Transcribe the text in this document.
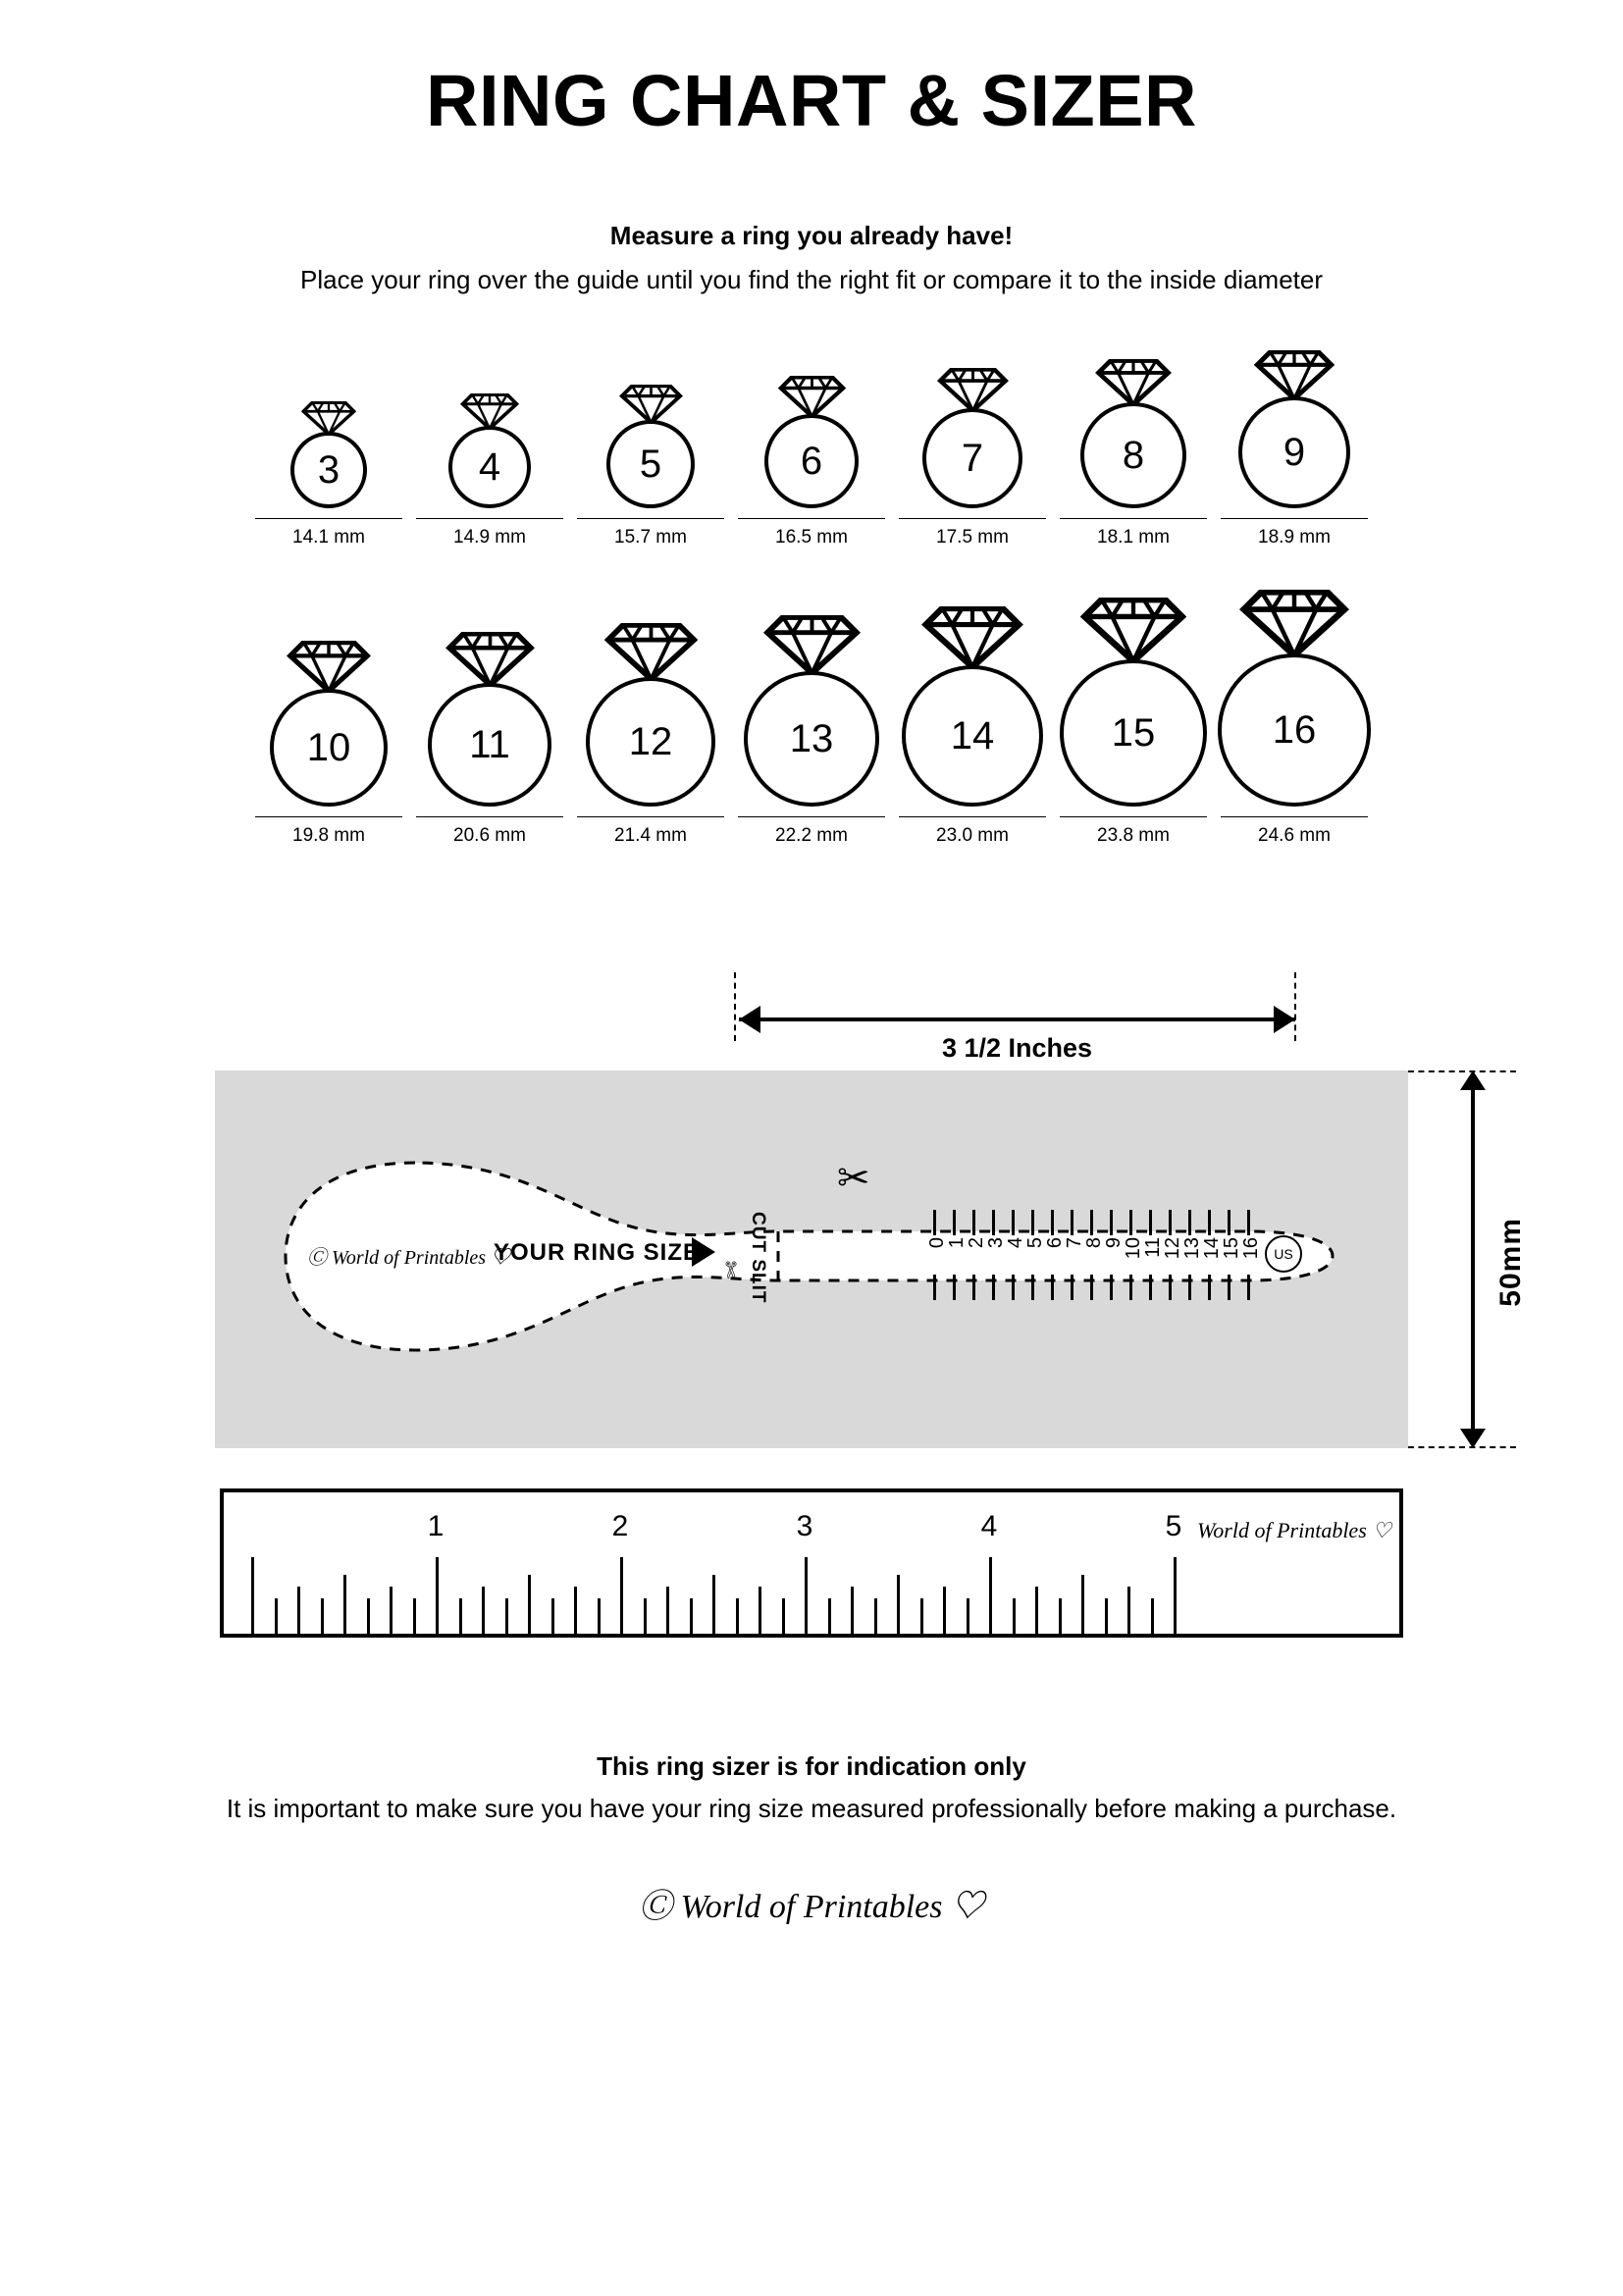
RING CHART & SIZER
Measure a ring you already have!
Place your ring over the guide until you find the right fit or compare it to the inside diameter
3
14.1 mm
4
14.9 mm
5
15.7 mm
6
16.5 mm
7
17.5 mm
8
18.1 mm
9
18.9 mm
10
19.8 mm
11
20.6 mm
12
21.4 mm
13
22.2 mm
14
23.0 mm
15
23.8 mm
16
24.6 mm
3 1/2 Inches
50mm
Ⓒ World of Printables ♡
YOUR RING SIZE	CUT SLIT
✂
✄
0
1
2
3
4
5
6
7
8
9
10
11
12
13
14
15
16 US
World of Printables ♡
1	2	3	4	5
This ring sizer is for indication only
It is important to make sure you have your ring size measured professionally before making a purchase.
Ⓒ World of Printables ♡
